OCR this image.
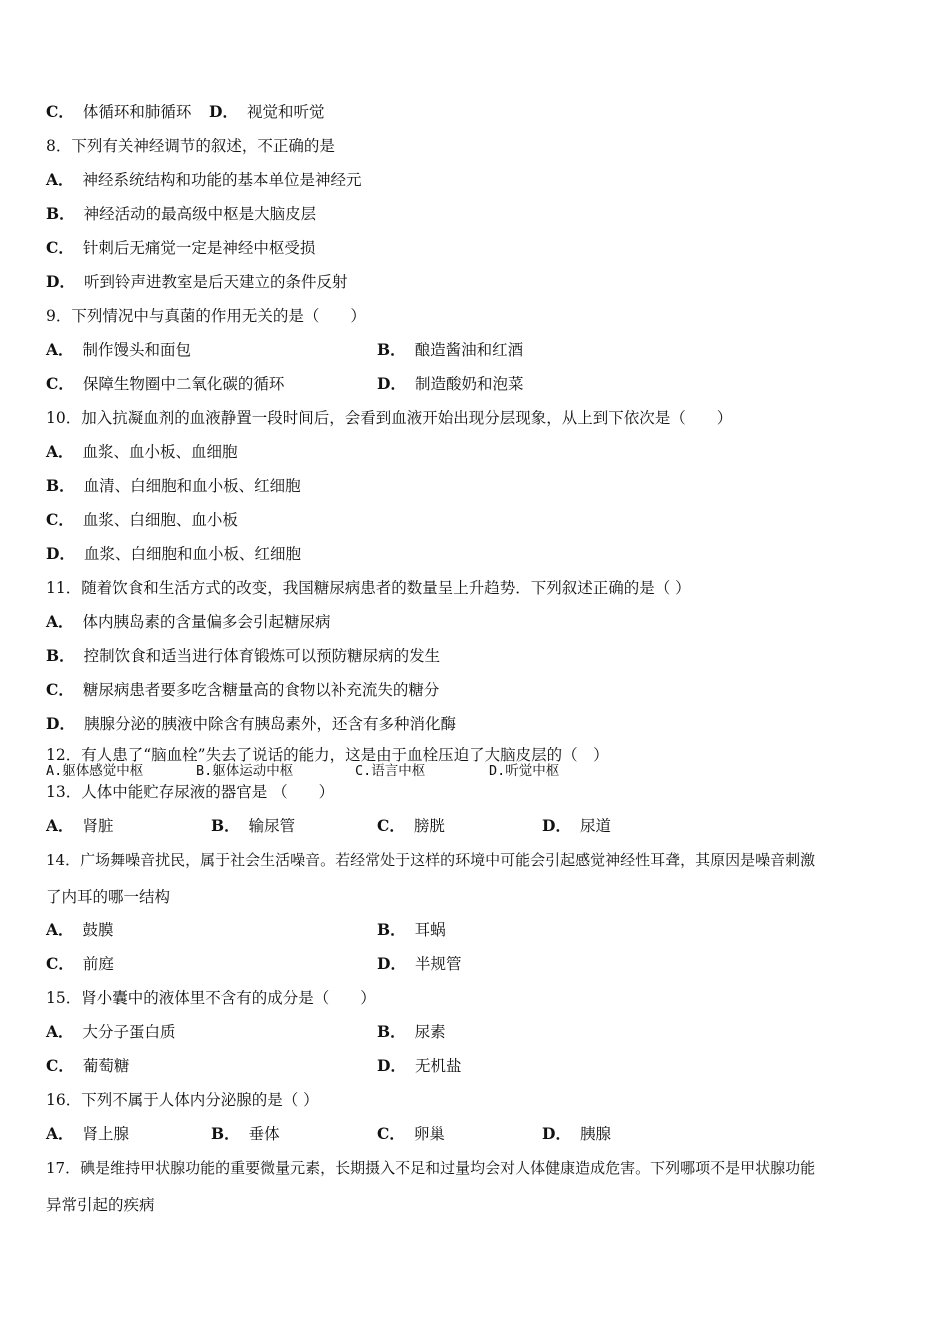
C． 体循环和肺循环 D． 视觉和听觉
8．下列有关神经调节的叙述，不正确的是
A． 神经系统结构和功能的基本单位是神经元
B． 神经活动的最高级中枢是大脑皮层
C． 针刺后无痛觉一定是神经中枢受损
D． 听到铃声进教室是后天建立的条件反射
9．下列情况中与真菌的作用无关的是（　　）
A． 制作馒头和面包	B． 酿造酱油和红酒
C． 保障生物圈中二氧化碳的循环	D． 制造酸奶和泡菜
10．加入抗凝血剂的血液静置一段时间后，会看到血液开始出现分层现象，从上到下依次是（　　）
A． 血浆、血小板、血细胞
B． 血清、白细胞和血小板、红细胞
C． 血浆、白细胞、血小板
D． 血浆、白细胞和血小板、红细胞
11．随着饮食和生活方式的改变，我国糖尿病患者的数量呈上升趋势．下列叙述正确的是（ ）
A． 体内胰岛素的含量偏多会引起糖尿病
B． 控制饮食和适当进行体育锻炼可以预防糖尿病的发生
C． 糖尿病患者要多吃含糖量高的食物以补充流失的糖分
D． 胰腺分泌的胰液中除含有胰岛素外，还含有多种消化酶
12．有人患了“脑血栓”失去了说话的能力，这是由于血栓压迫了大脑皮层的（　）
A.躯体感觉中枢	B.躯体运动中枢	C.语言中枢	D.听觉中枢
13．人体中能贮存尿液的器官是 （　　）
A． 肾脏	B． 输尿管	C． 膀胱	D． 尿道
14．广场舞噪音扰民，属于社会生活噪音。若经常处于这样的环境中可能会引起感觉神经性耳聋，其原因是噪音刺激
了内耳的哪一结构
A． 鼓膜	B． 耳蜗
C． 前庭	D． 半规管
15．肾小囊中的液体里不含有的成分是（　　）
A． 大分子蛋白质	B． 尿素
C． 葡萄糖	D． 无机盐
16．下列不属于人体内分泌腺的是（ ）
A． 肾上腺	B． 垂体	C． 卵巢	D． 胰腺
17．碘是维持甲状腺功能的重要微量元素，长期摄入不足和过量均会对人体健康造成危害。下列哪项不是甲状腺功能
异常引起的疾病
